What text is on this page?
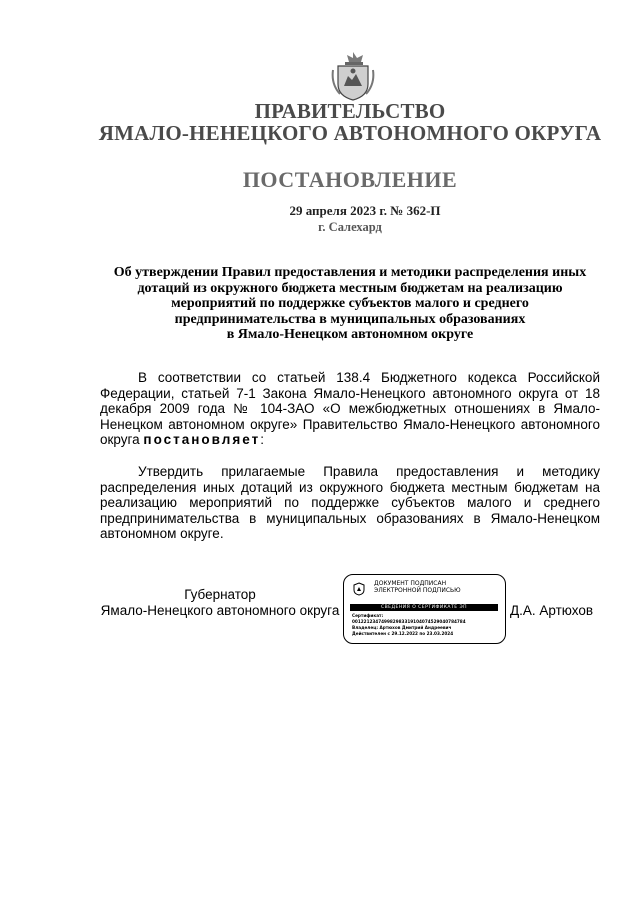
ПРАВИТЕЛЬСТВО
ЯМАЛО-НЕНЕЦКОГО АВТОНОМНОГО ОКРУГА
ПОСТАНОВЛЕНИЕ
29 апреля 2023 г. № 362-П
г. Салехард
Об утверждении Правил предоставления и методики распределения иных
дотаций из окружного бюджета местным бюджетам на реализацию
мероприятий по поддержке субъектов малого и среднего
предпринимательства в муниципальных образованиях
в Ямало-Ненецком автономном округе
В соответствии со статьей 138.4 Бюджетного кодекса Российской Федерации, статьей 7-1 Закона Ямало-Ненецкого автономного округа от 18 декабря 2009 года № 104-ЗАО «О межбюджетных отношениях в Ямало-Ненецком автономном округе» Правительство Ямало-Ненецкого автономного округа постановляет:
Утвердить прилагаемые Правила предоставления и методику распределения иных дотаций из окружного бюджета местным бюджетам на реализацию мероприятий по поддержке субъектов малого и среднего предпринимательства в муниципальных образованиях в Ямало-Ненецком автономном округе.
Губернатор
Ямало-Ненецкого автономного округа
ДОКУМЕНТ ПОДПИСАН
ЭЛЕКТРОННОЙ ПОДПИСЬЮ
СВЕДЕНИЯ О СЕРТИФИКАТЕ ЭП
Сертификат:
00122123474998298331910407452904078478​4
Владелец: Артюхов Дмитрий Андреевич
Действителен с 29.12.2022 по 23.03.2024
Д.А. Артюхов
